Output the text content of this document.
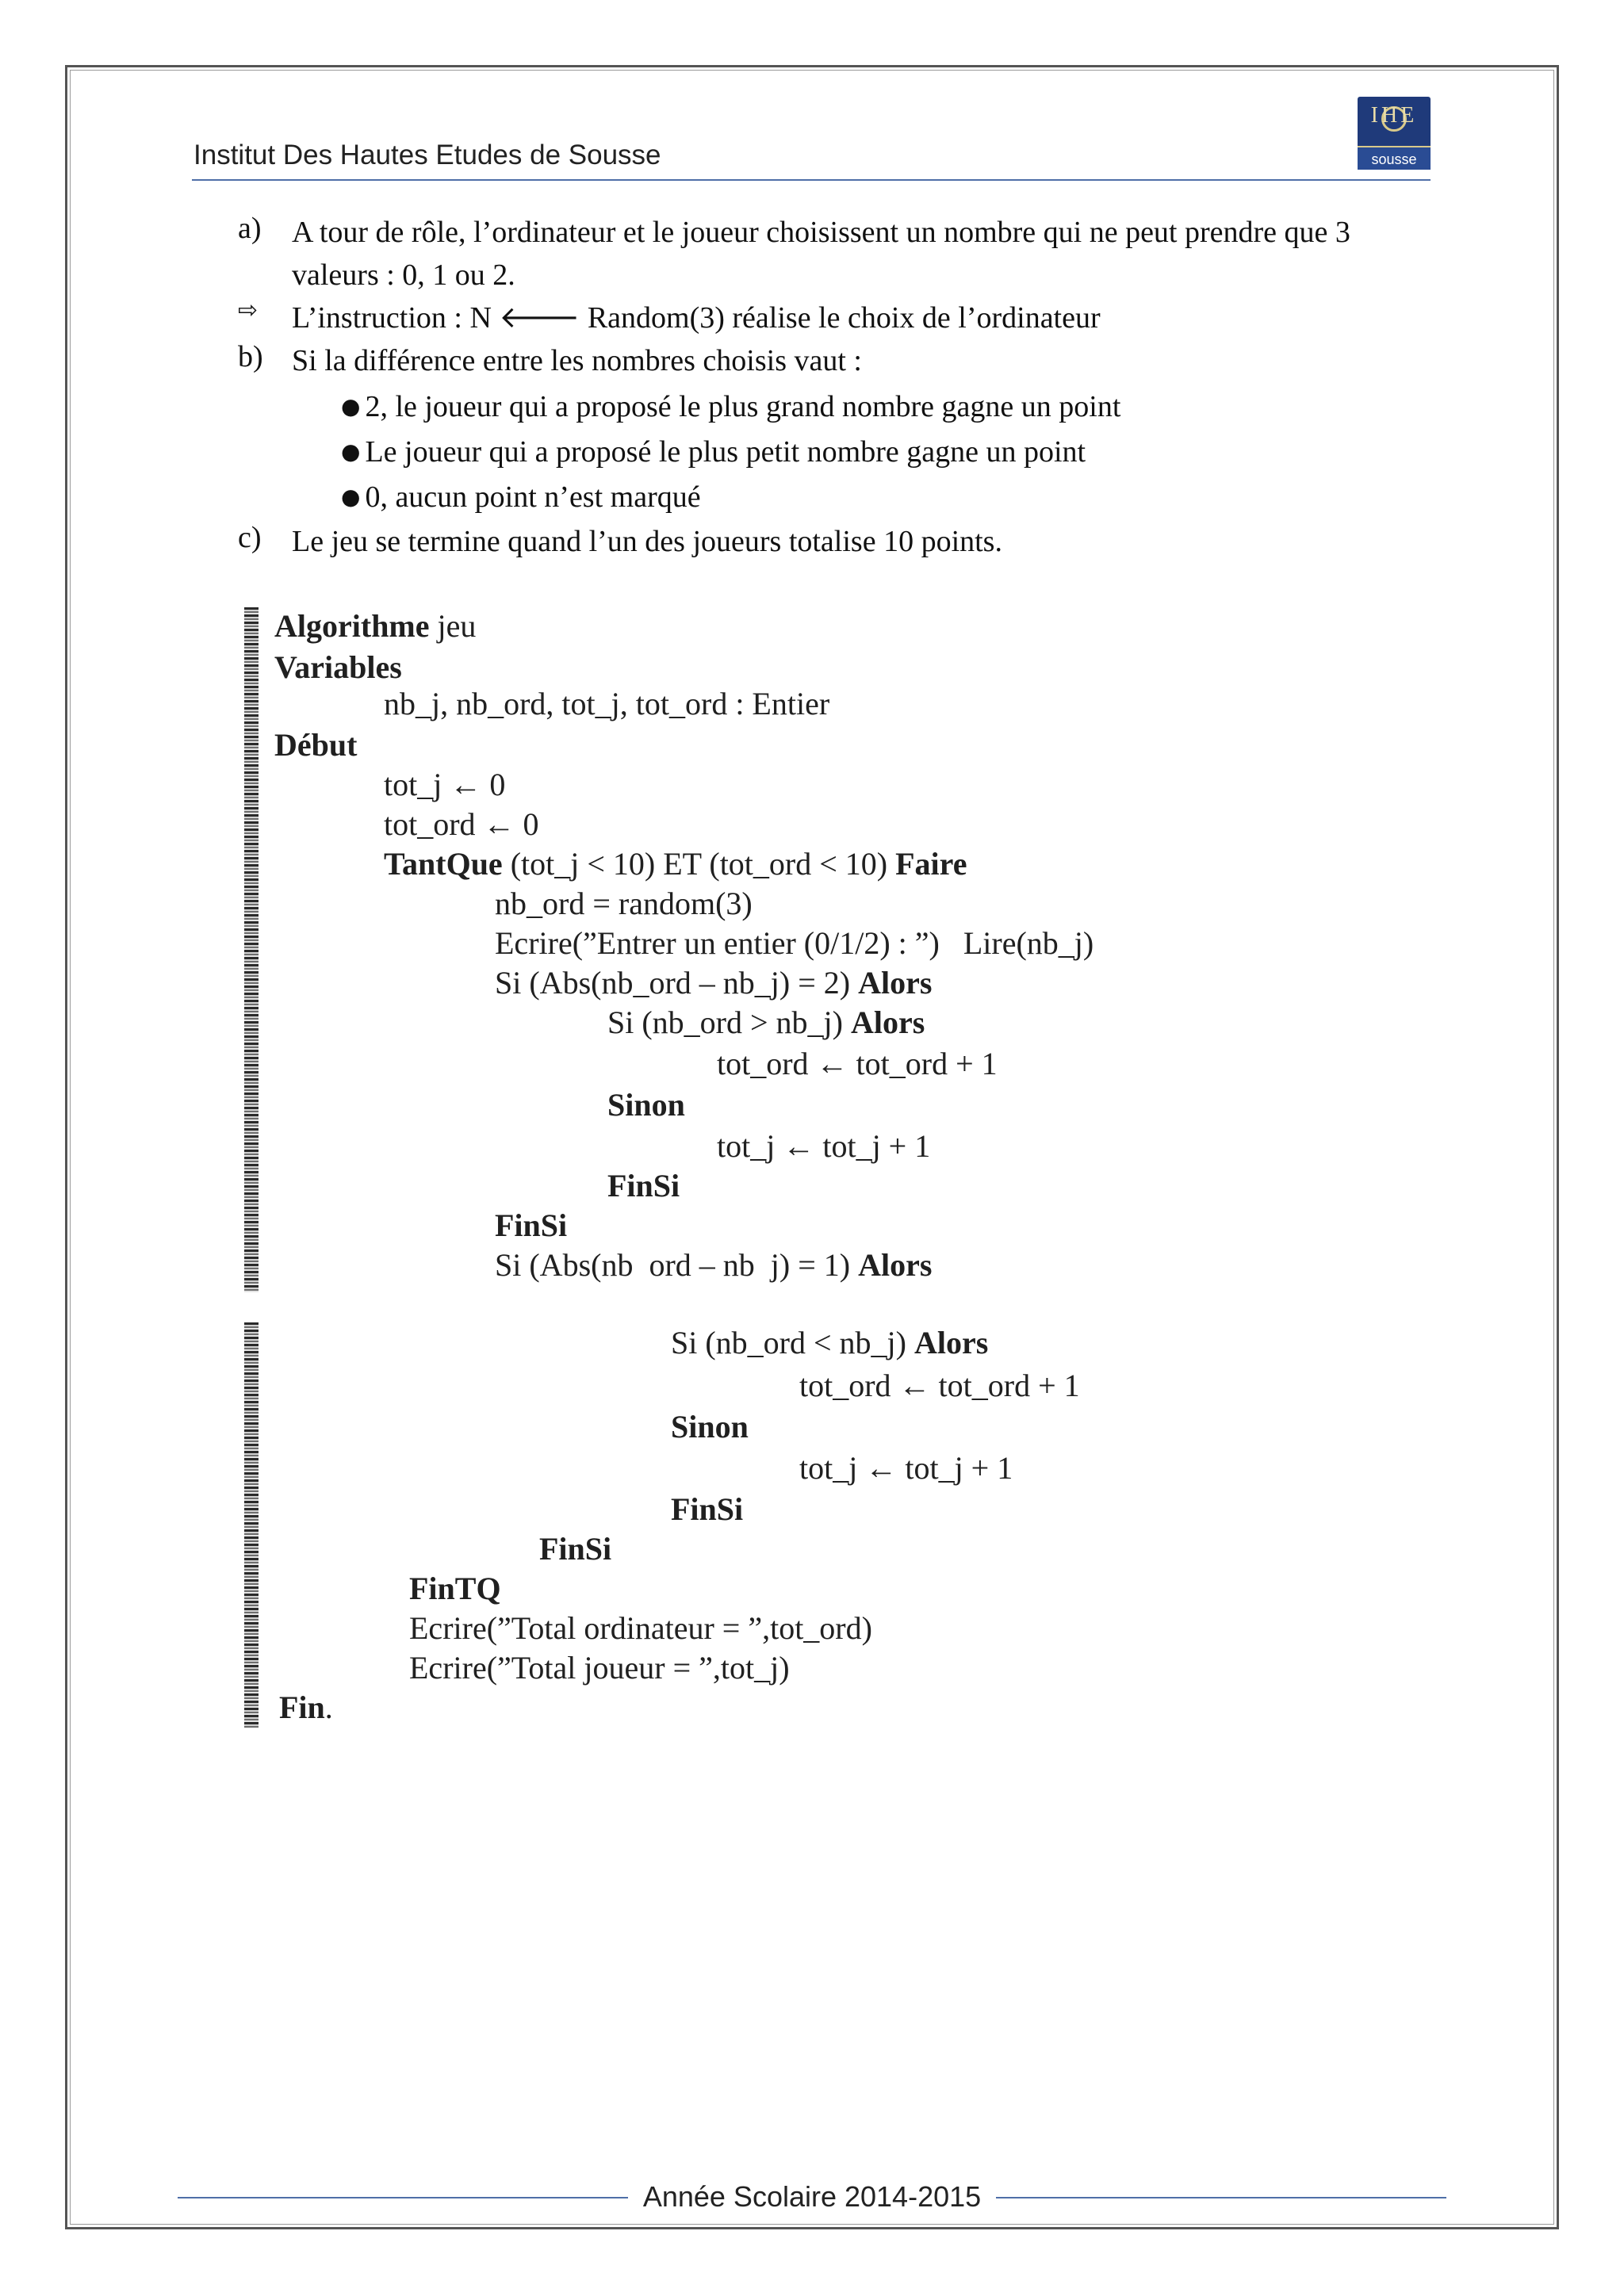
Institut Des Hautes Etudes de Sousse
IHE
sousse
a) A tour de rôle, l’ordinateur et le joueur choisissent un nombre qui ne peut prendre que 3 valeurs : 0, 1 ou 2.
⇨ L’instruction : N 🡐 Random(3) réalise le choix de l’ordinateur
b) Si la différence entre les nombres choisis vaut :
● 2, le joueur qui a proposé le plus grand nombre gagne un point
● Le joueur qui a proposé le plus petit nombre gagne un point
● 0, aucun point n’est marqué
c) Le jeu se termine quand l’un des joueurs totalise 10 points.
Algorithme jeu
Variables
nb_j, nb_ord, tot_j, tot_ord : Entier
Début
tot_j ← 0
tot_ord ← 0
TantQue (tot_j < 10) ET (tot_ord < 10) Faire
nb_ord = random(3)
Ecrire(”Entrer un entier (0/1/2) : ”)   Lire(nb_j)
Si (Abs(nb_ord – nb_j) = 2) Alors
Si (nb_ord > nb_j) Alors
tot_ord ← tot_ord + 1
Sinon
tot_j ← tot_j + 1
FinSi
FinSi
Si (Abs(nb  ord – nb  j) = 1) Alors
Si (nb_ord < nb_j) Alors
tot_ord ← tot_ord + 1
Sinon
tot_j ← tot_j + 1
FinSi
FinSi
FinTQ
Ecrire(”Total ordinateur = ”,tot_ord)
Ecrire(”Total joueur = ”,tot_j)
Fin.
Année Scolaire 2014-2015
